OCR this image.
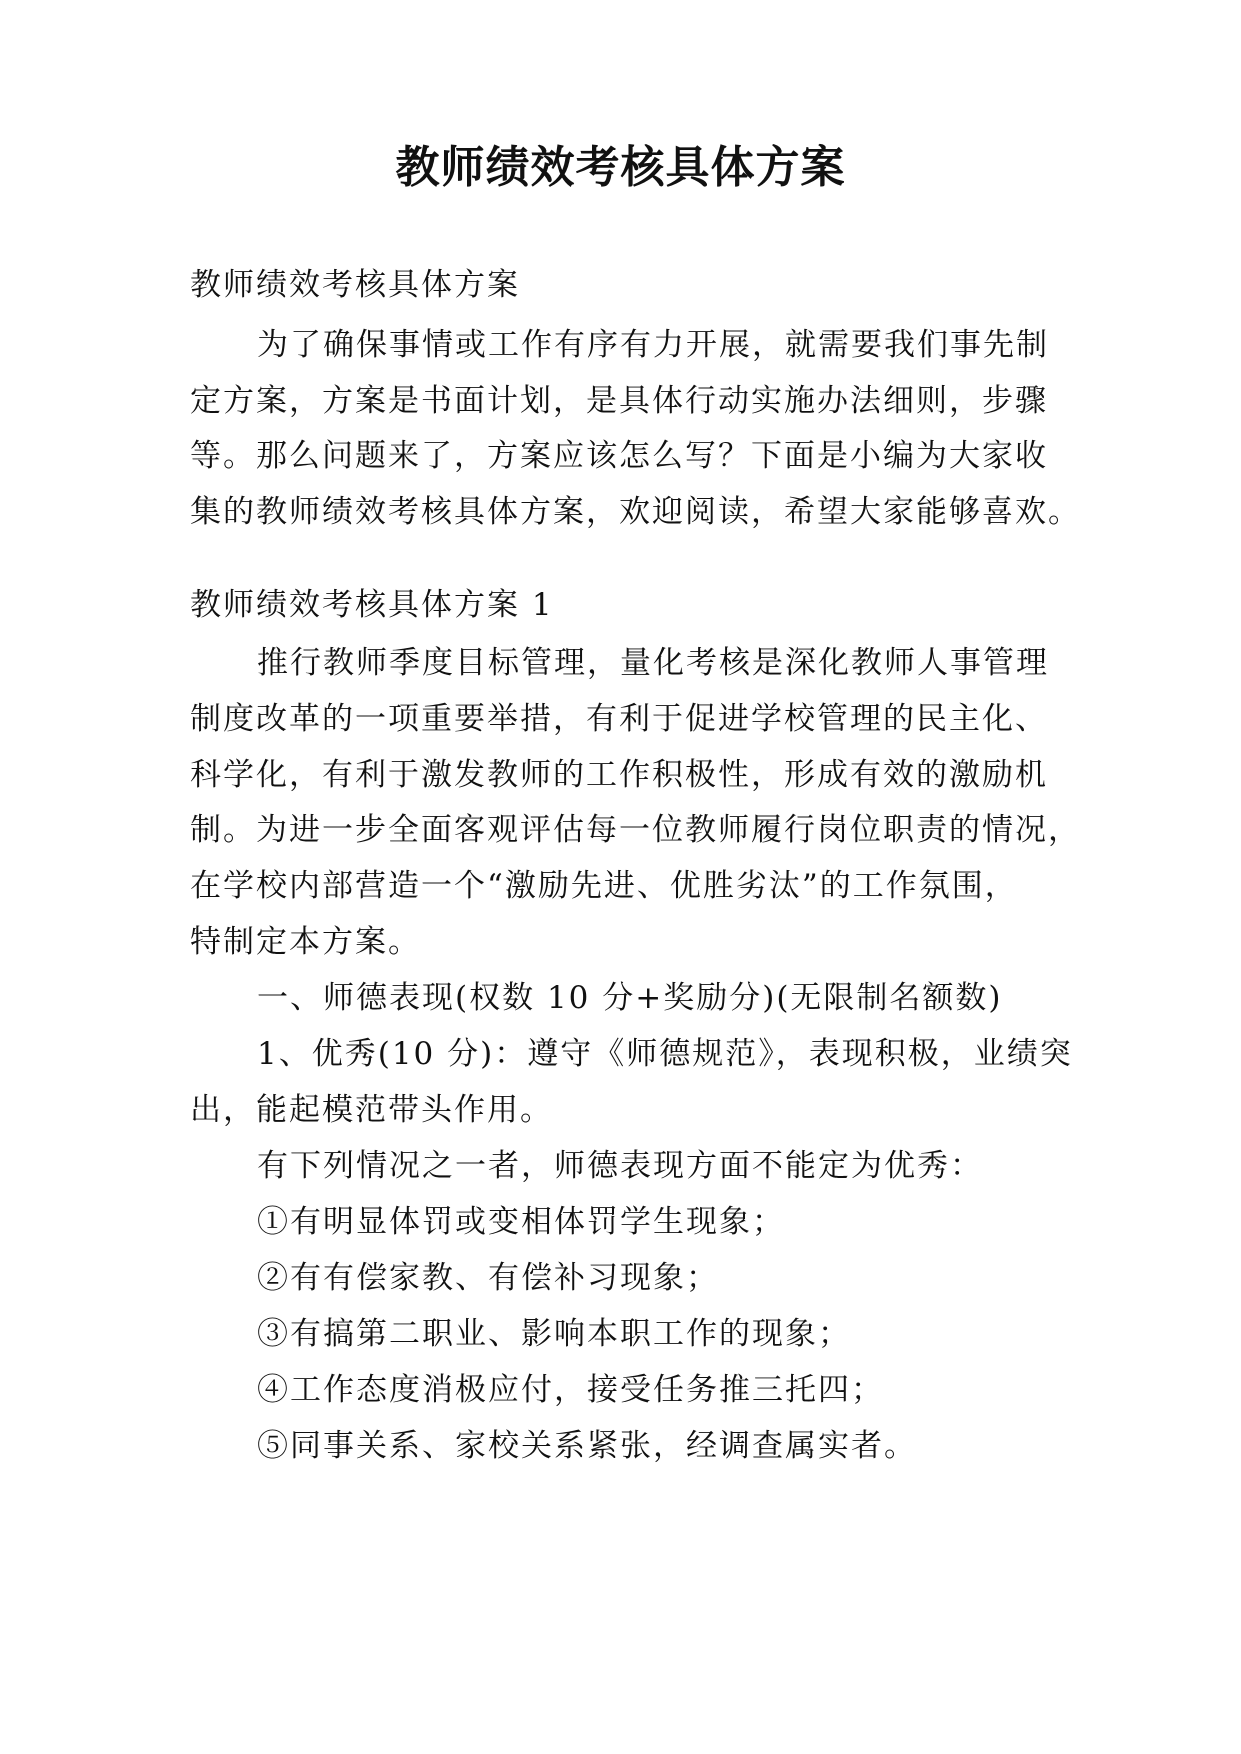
教师绩效考核具体方案
教师绩效考核具体方案
为了确保事情或工作有序有力开展，就需要我们事先制
定方案，方案是书面计划，是具体行动实施办法细则，步骤
等。那么问题来了，方案应该怎么写？下面是小编为大家收
集的教师绩效考核具体方案，欢迎阅读，希望大家能够喜欢。
教师绩效考核具体方案 1
推行教师季度目标管理，量化考核是深化教师人事管理
制度改革的一项重要举措，有利于促进学校管理的民主化、
科学化，有利于激发教师的工作积极性，形成有效的激励机
制。为进一步全面客观评估每一位教师履行岗位职责的情况，
在学校内部营造一个“激励先进、优胜劣汰”的工作氛围，
特制定本方案。
一、师德表现(权数 10 分+奖励分)(无限制名额数)
1、优秀(10 分)：遵守《师德规范》，表现积极，业绩突
出，能起模范带头作用。
有下列情况之一者，师德表现方面不能定为优秀：
①有明显体罚或变相体罚学生现象；
②有有偿家教、有偿补习现象；
③有搞第二职业、影响本职工作的现象；
④工作态度消极应付，接受任务推三托四；
⑤同事关系、家校关系紧张，经调查属实者。
